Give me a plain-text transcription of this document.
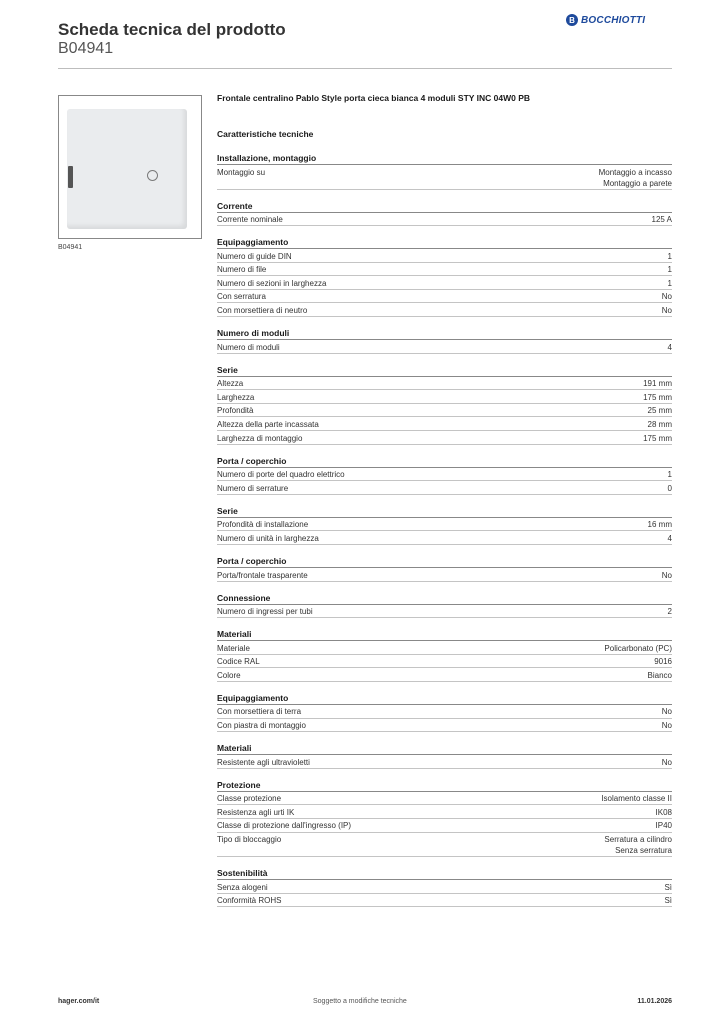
Scheda tecnica del prodotto
B04941
B BOCCHIOTTI
B04941
Frontale centralino Pablo Style porta cieca bianca 4 moduli STY INC 04W0 PB
Caratteristiche tecniche
Installazione, montaggio
Montaggio su	Montaggio a incasso
Montaggio a parete
Corrente
Corrente nominale	125 A
Equipaggiamento
Numero di guide DIN	1
Numero di file	1
Numero di sezioni in larghezza	1
Con serratura	No
Con morsettiera di neutro	No
Numero di moduli
Numero di moduli	4
Serie
Altezza	191 mm
Larghezza	175 mm
Profondità	25 mm
Altezza della parte incassata	28 mm
Larghezza di montaggio	175 mm
Porta / coperchio
Numero di porte del quadro elettrico	1
Numero di serrature	0
Serie
Profondità di installazione	16 mm
Numero di unità in larghezza	4
Porta / coperchio
Porta/frontale trasparente	No
Connessione
Numero di ingressi per tubi	2
Materiali
Materiale	Policarbonato (PC)
Codice RAL	9016
Colore	Bianco
Equipaggiamento
Con morsettiera di terra	No
Con piastra di montaggio	No
Materiali
Resistente agli ultravioletti	No
Protezione
Classe protezione	Isolamento classe II
Resistenza agli urti IK	IK08
Classe di protezione dall'ingresso (IP)	IP40
Tipo di bloccaggio	Serratura a cilindro
Senza serratura
Sostenibilità
Senza alogeni	Sì
Conformità ROHS	Sì
hager.com/it	Soggetto a modifiche tecniche	11.01.2026
